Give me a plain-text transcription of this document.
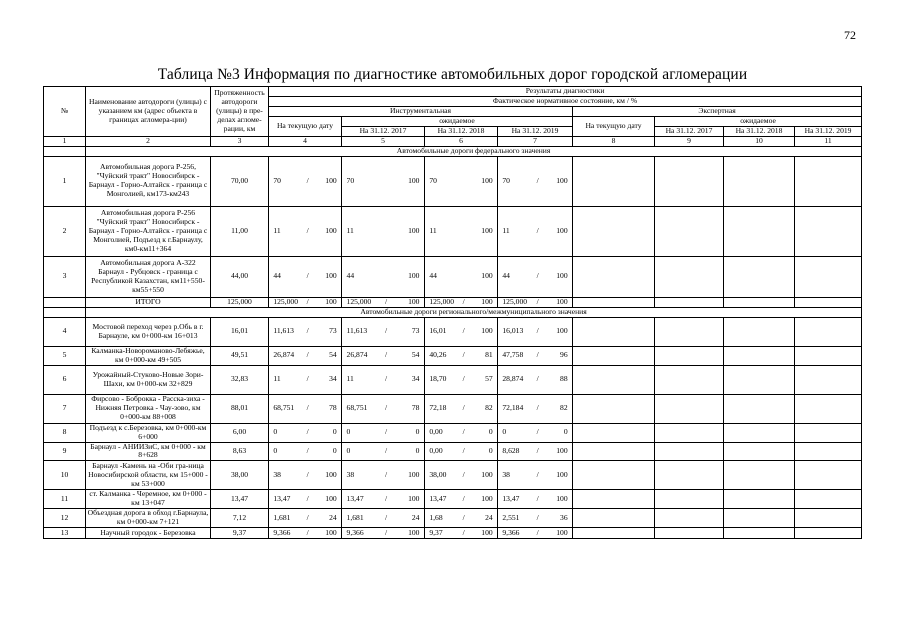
72
Таблица №3 Информация по диагностике автомобильных дорог городской агломерации
№	Наименование автодороги (улицы) с указанием км (адрес объекта в границах агломера-ции)	Протяженность автодороги (улицы) в пре-делах агломе-рации, км	Результаты диагностики							
			Фактическое нормативное состояние, км / %							
			Инструментальная				Экспертная			
			На текущую дату	ожидаемое			На текущую дату	ожидаемое		
				На 31.12. 2017	На 31.12. 2018	На 31.12. 2019		На 31.12. 2017	На 31.12. 2018	На 31.12. 2019
1	2	3	4	5	6	7	8	9	10	11
	Автомобильные дороги федерального значения									
1	Автомобильная дорога Р-256, "Чуйский тракт" Новосибирск - Барнаул - Горно-Алтайск - граница с Монголией, км173-км243	70,00	70 / 100	70 100	70 100	70 / 100				
2	Автомобильная дорога Р-256 "Чуйский тракт" Новосибирск - Барнаул - Горно-Алтайск - граница с Монголией, Подъезд к г.Барнаулу, км0-км11+364	11,00	11 / 100	11 100	11 100	11 / 100				
3	Автомобильная дорога А-322 Барнаул - Рубцовск - граница с Республикой Казахстан, км11+550-км55+550	44,00	44 / 100	44 100	44 100	44 / 100				
	ИТОГО	125,000	125,000 / 100	125,000 / 100	125,000 / 100	125,000 / 100				
	Автомобильные дороги регионального/межмуниципального значения									
4	Мостовой переход через р.Обь в г. Барнауле, км 0+000-км 16+013	16,01	11,613 / 73	11,613 / 73	16,01 / 100	16,013 / 100				
5	Калманка-Новороманово-Лебяжье, км 0+000-км 49+505	49,51	26,874 / 54	26,874 / 54	40,26 / 81	47,758 / 96				
6	Урожайный-Стуково-Новые Зори-Шахи, км 0+000-км 32+829	32,83	11 / 34	11 / 34	18,70 / 57	28,874 / 88				
7	Фирсово - Боброкка - Расска-зиха - Нижняя Петровка - Чау-зово, км 0+000-км 88+008	88,01	68,751 / 78	68,751 / 78	72,18 / 82	72,184 / 82				
8	Подъезд к с.Березовка, км 0+000-км 6+000	6,00	0 / 0	0 / 0	0,00 / 0	0 / 0				
9	Барнаул - АНИИЗиС, км 0+000 - км 8+628	8,63	0 / 0	0 / 0	0,00 / 0	8,628 / 100				
10	Барнаул -Камень на -Оби гра-ница Новосибирской области, км 15+000 - км 53+000	38,00	38 / 100	38 / 100	38,00 / 100	38 / 100				
11	ст. Калманка - Черемное, км 0+000 - км 13+047	13,47	13,47 / 100	13,47 / 100	13,47 / 100	13,47 / 100				
12	Объездная дорога в обход г.Барнаула, км 0+000-км 7+121	7,12	1,681 / 24	1,681 / 24	1,68 / 24	2,551 / 36				
13	Научный городок - Березовка	9,37	9,366 / 100	9,366 / 100	9,37 / 100	9,366 / 100				
